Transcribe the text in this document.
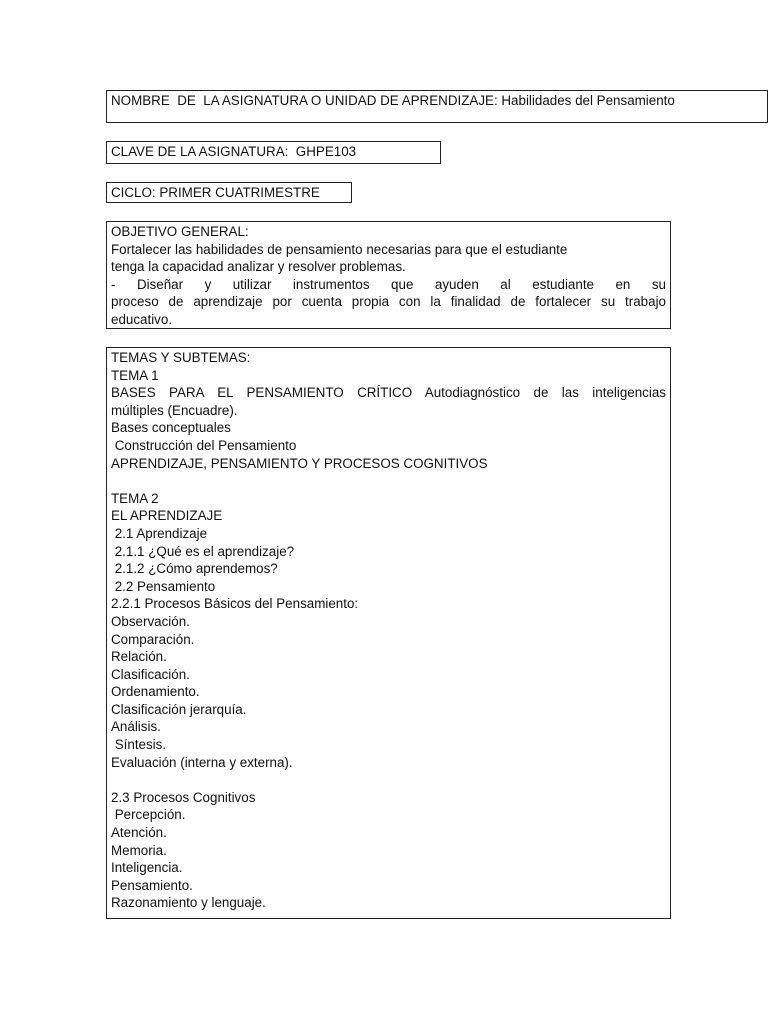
NOMBRE  DE  LA ASIGNATURA O UNIDAD DE APRENDIZAJE: Habilidades del Pensamiento
CLAVE DE LA ASIGNATURA:  GHPE103
CICLO: PRIMER CUATRIMESTRE
OBJETIVO GENERAL:
Fortalecer las habilidades de pensamiento necesarias para que el estudiante
tenga la capacidad analizar y resolver problemas.
- Diseñar y utilizar instrumentos que ayuden al estudiante en su
proceso de aprendizaje por cuenta propia con la finalidad de fortalecer su trabajo
educativo.
TEMAS Y SUBTEMAS:
TEMA 1
BASES PARA EL PENSAMIENTO CRÍTICO Autodiagnóstico de las inteligencias
múltiples (Encuadre).
Bases conceptuales
Construcción del Pensamiento
APRENDIZAJE, PENSAMIENTO Y PROCESOS COGNITIVOS
TEMA 2
EL APRENDIZAJE
2.1 Aprendizaje
2.1.1 ¿Qué es el aprendizaje?
2.1.2 ¿Cómo aprendemos?
2.2 Pensamiento
2.2.1 Procesos Básicos del Pensamiento:
Observación.
Comparación.
Relación.
Clasificación.
Ordenamiento.
Clasificación jerarquía.
Análisis.
Síntesis.
Evaluación (interna y externa).
2.3 Procesos Cognitivos
Percepción.
Atención.
Memoria.
Inteligencia.
Pensamiento.
Razonamiento y lenguaje.
